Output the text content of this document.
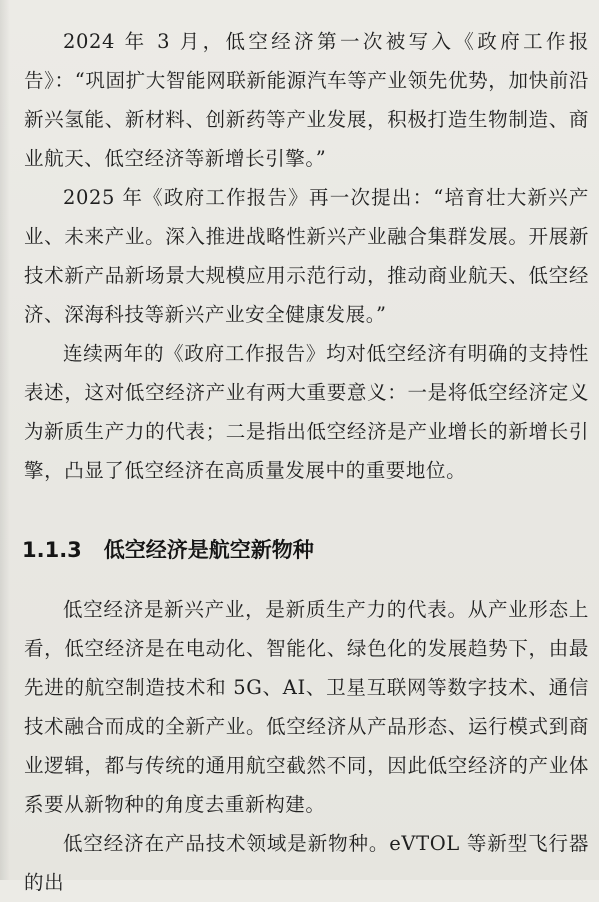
2024 年 3 月，低空经济第一次被写入《政府工作报告》：“巩固扩大智能网联新能源汽车等产业领先优势，加快前沿新兴氢能、新材料、创新药等产业发展，积极打造生物制造、商业航天、低空经济等新增长引擎。”

2025 年《政府工作报告》再一次提出：“培育壮大新兴产业、未来产业。深入推进战略性新兴产业融合集群发展。开展新技术新产品新场景大规模应用示范行动，推动商业航天、低空经济、深海科技等新兴产业安全健康发展。”

连续两年的《政府工作报告》均对低空经济有明确的支持性表述，这对低空经济产业有两大重要意义：一是将低空经济定义为新质生产力的代表；二是指出低空经济是产业增长的新增长引擎，凸显了低空经济在高质量发展中的重要地位。

1.1.3 低空经济是航空新物种

低空经济是新兴产业，是新质生产力的代表。从产业形态上看，低空经济是在电动化、智能化、绿色化的发展趋势下，由最先进的航空制造技术和 5G、AI、卫星互联网等数字技术、通信技术融合而成的全新产业。低空经济从产品形态、运行模式到商业逻辑，都与传统的通用航空截然不同，因此低空经济的产业体系要从新物种的角度去重新构建。

低空经济在产品技术领域是新物种。eVTOL 等新型飞行器的出
